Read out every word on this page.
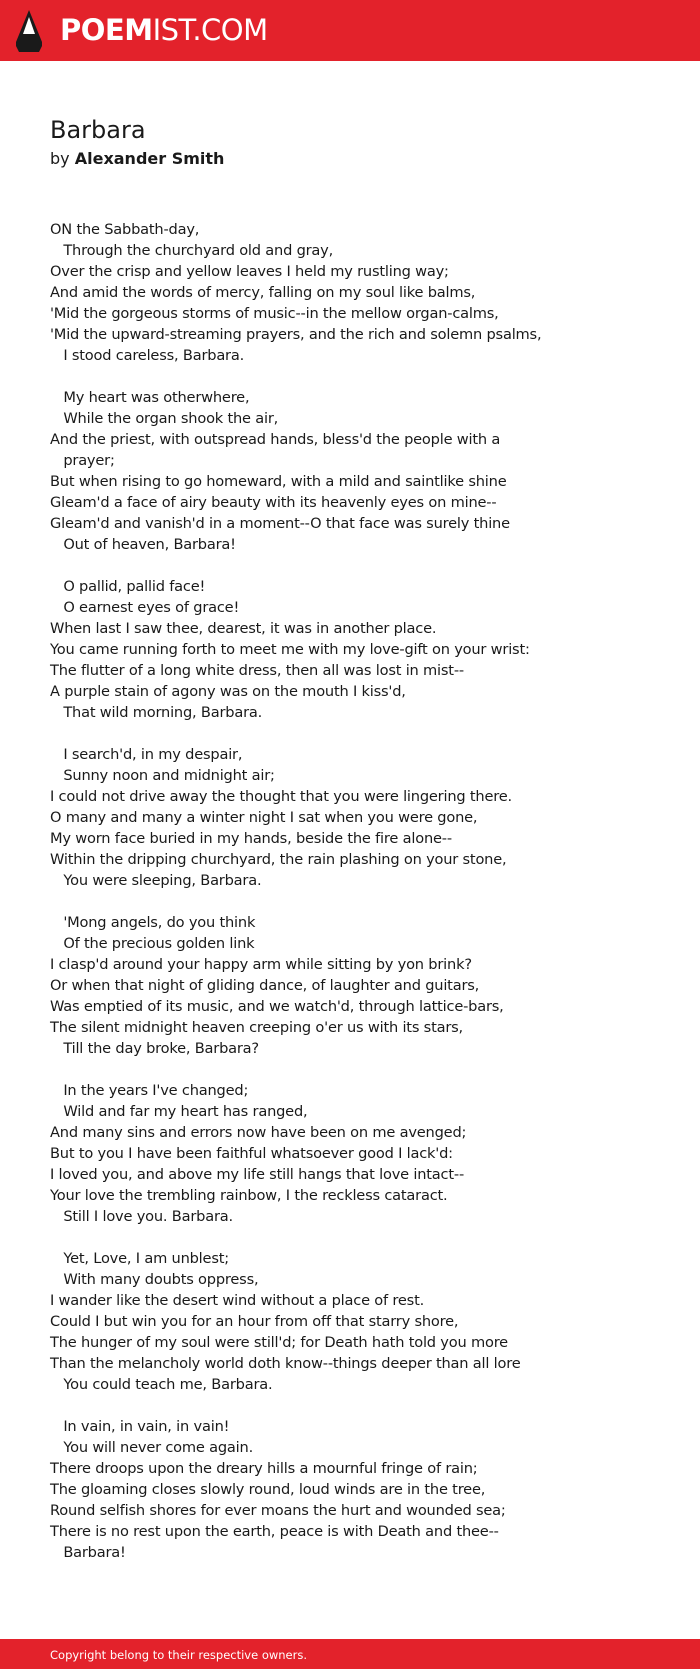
POEMIST.COM
Barbara
by Alexander Smith
ON the Sabbath-day,
Through the churchyard old and gray,
Over the crisp and yellow leaves I held my rustling way;
And amid the words of mercy, falling on my soul like balms,
'Mid the gorgeous storms of music--in the mellow organ-calms,
'Mid the upward-streaming prayers, and the rich and solemn psalms,
I stood careless, Barbara.
My heart was otherwhere,
While the organ shook the air,
And the priest, with outspread hands, bless'd the people with a
prayer;
But when rising to go homeward, with a mild and saintlike shine
Gleam'd a face of airy beauty with its heavenly eyes on mine--
Gleam'd and vanish'd in a moment--O that face was surely thine
Out of heaven, Barbara!
O pallid, pallid face!
O earnest eyes of grace!
When last I saw thee, dearest, it was in another place.
You came running forth to meet me with my love-gift on your wrist:
The flutter of a long white dress, then all was lost in mist--
A purple stain of agony was on the mouth I kiss'd,
That wild morning, Barbara.
I search'd, in my despair,
Sunny noon and midnight air;
I could not drive away the thought that you were lingering there.
O many and many a winter night I sat when you were gone,
My worn face buried in my hands, beside the fire alone--
Within the dripping churchyard, the rain plashing on your stone,
You were sleeping, Barbara.
'Mong angels, do you think
Of the precious golden link
I clasp'd around your happy arm while sitting by yon brink?
Or when that night of gliding dance, of laughter and guitars,
Was emptied of its music, and we watch'd, through lattice-bars,
The silent midnight heaven creeping o'er us with its stars,
Till the day broke, Barbara?
In the years I've changed;
Wild and far my heart has ranged,
And many sins and errors now have been on me avenged;
But to you I have been faithful whatsoever good I lack'd:
I loved you, and above my life still hangs that love intact--
Your love the trembling rainbow, I the reckless cataract.
Still I love you. Barbara.
Yet, Love, I am unblest;
With many doubts oppress,
I wander like the desert wind without a place of rest.
Could I but win you for an hour from off that starry shore,
The hunger of my soul were still'd; for Death hath told you more
Than the melancholy world doth know--things deeper than all lore
You could teach me, Barbara.
In vain, in vain, in vain!
You will never come again.
There droops upon the dreary hills a mournful fringe of rain;
The gloaming closes slowly round, loud winds are in the tree,
Round selfish shores for ever moans the hurt and wounded sea;
There is no rest upon the earth, peace is with Death and thee--
Barbara!
Copyright belong to their respective owners.
